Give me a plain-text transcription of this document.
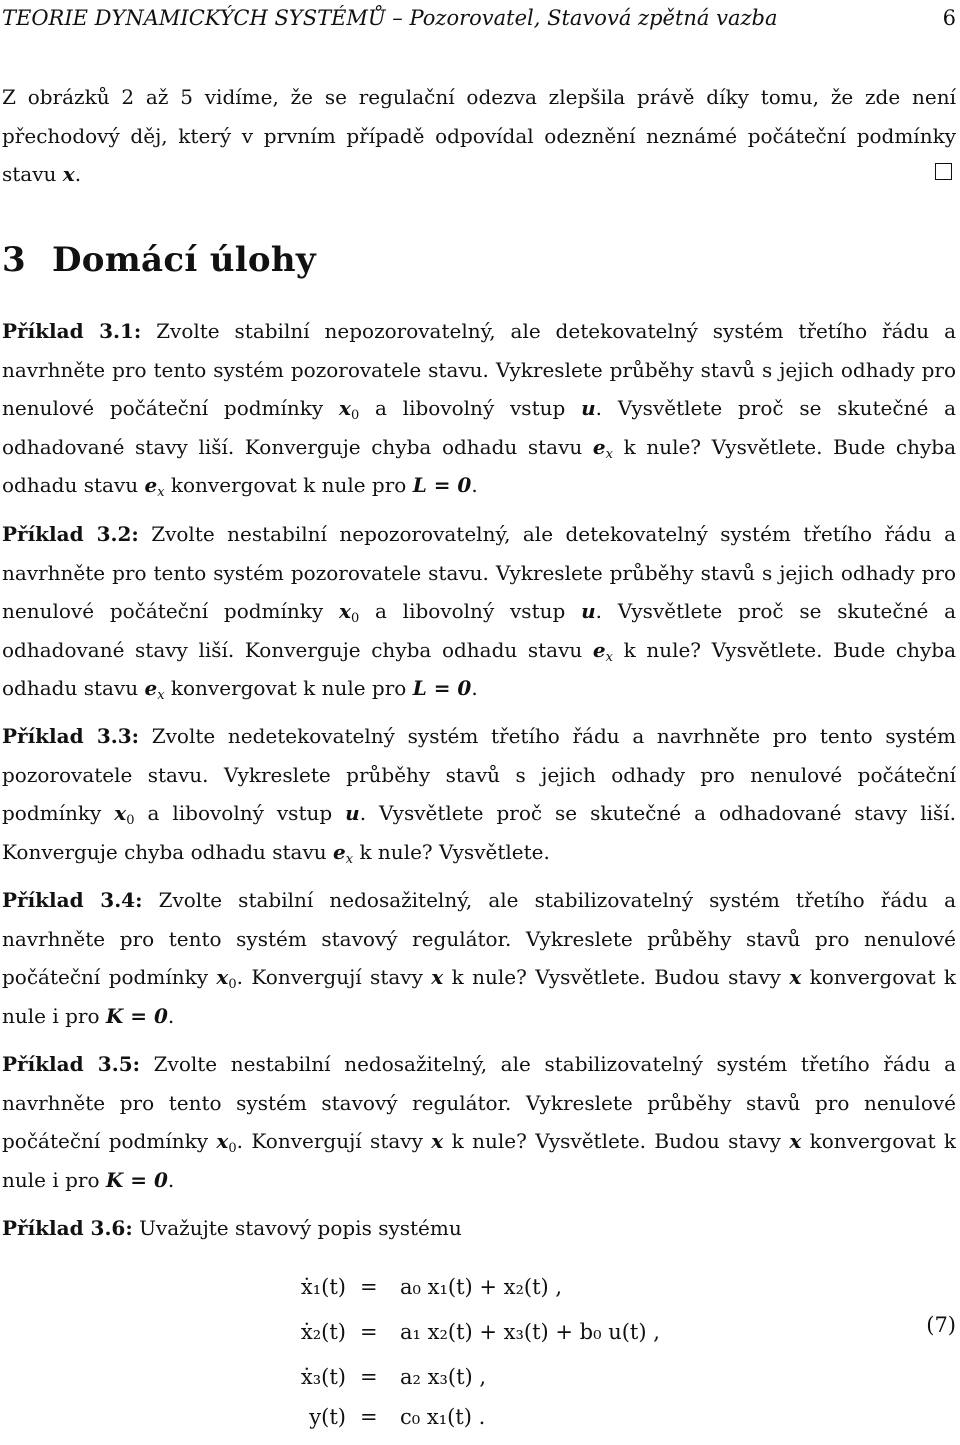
TEORIE DYNAMICKÝCH SYSTÉMŮ – Pozorovatel, Stavová zpětná vazba	6
Z obrázků 2 až 5 vidíme, že se regulační odezva zlepšila právě díky tomu, že zde není přechodový děj, který v prvním případě odpovídal odeznění neznámé počáteční podmínky stavu x.
3 Domácí úlohy
Příklad 3.1: Zvolte stabilní nepozorovatelný, ale detekovatelný systém třetího řádu a navrhněte pro tento systém pozorovatele stavu. Vykreslete průběhy stavů s jejich odhady pro nenulové počáteční podmínky $x_0$ a libovolný vstup u. Vysvětlete proč se skutečné a odhadované stavy liší. Konverguje chyba odhadu stavu $e_x$ k nule? Vysvětlete. Bude chyba odhadu stavu $e_x$ konvergovat k nule pro L = 0.
Příklad 3.2: Zvolte nestabilní nepozorovatelný, ale detekovatelný systém třetího řádu a navrhněte pro tento systém pozorovatele stavu. Vykreslete průběhy stavů s jejich odhady pro nenulové počáteční podmínky $x_0$ a libovolný vstup u. Vysvětlete proč se skutečné a odhadované stavy liší. Konverguje chyba odhadu stavu $e_x$ k nule? Vysvětlete. Bude chyba odhadu stavu $e_x$ konvergovat k nule pro L = 0.
Příklad 3.3: Zvolte nedetekovatelný systém třetího řádu a navrhněte pro tento systém pozorovatele stavu. Vykreslete průběhy stavů s jejich odhady pro nenulové počáteční podmínky $x_0$ a libovolný vstup u. Vysvětlete proč se skutečné a odhadované stavy liší. Konverguje chyba odhadu stavu $e_x$ k nule? Vysvětlete.
Příklad 3.4: Zvolte stabilní nedosažitelný, ale stabilizovatelný systém třetího řádu a navrhněte pro tento systém stavový regulátor. Vykreslete průběhy stavů pro nenulové počáteční podmínky $x_0$. Konvergují stavy x k nule? Vysvětlete. Budou stavy x konvergovat k nule i pro K = 0.
Příklad 3.5: Zvolte nestabilní nedosažitelný, ale stabilizovatelný systém třetího řádu a navrhněte pro tento systém stavový regulátor. Vykreslete průběhy stavů pro nenulové počáteční podmínky $x_0$. Konvergují stavy x k nule? Vysvětlete. Budou stavy x konvergovat k nule i pro K = 0.
Příklad 3.6: Uvažujte stavový popis systému
ẋ₁(t) = a₀ x₁(t) + x₂(t) ,
ẋ₂(t) = a₁ x₂(t) + x₃(t) + b₀ u(t) ,
ẋ₃(t) = a₂ x₃(t) ,
y(t) = c₀ x₁(t) .
(7)
